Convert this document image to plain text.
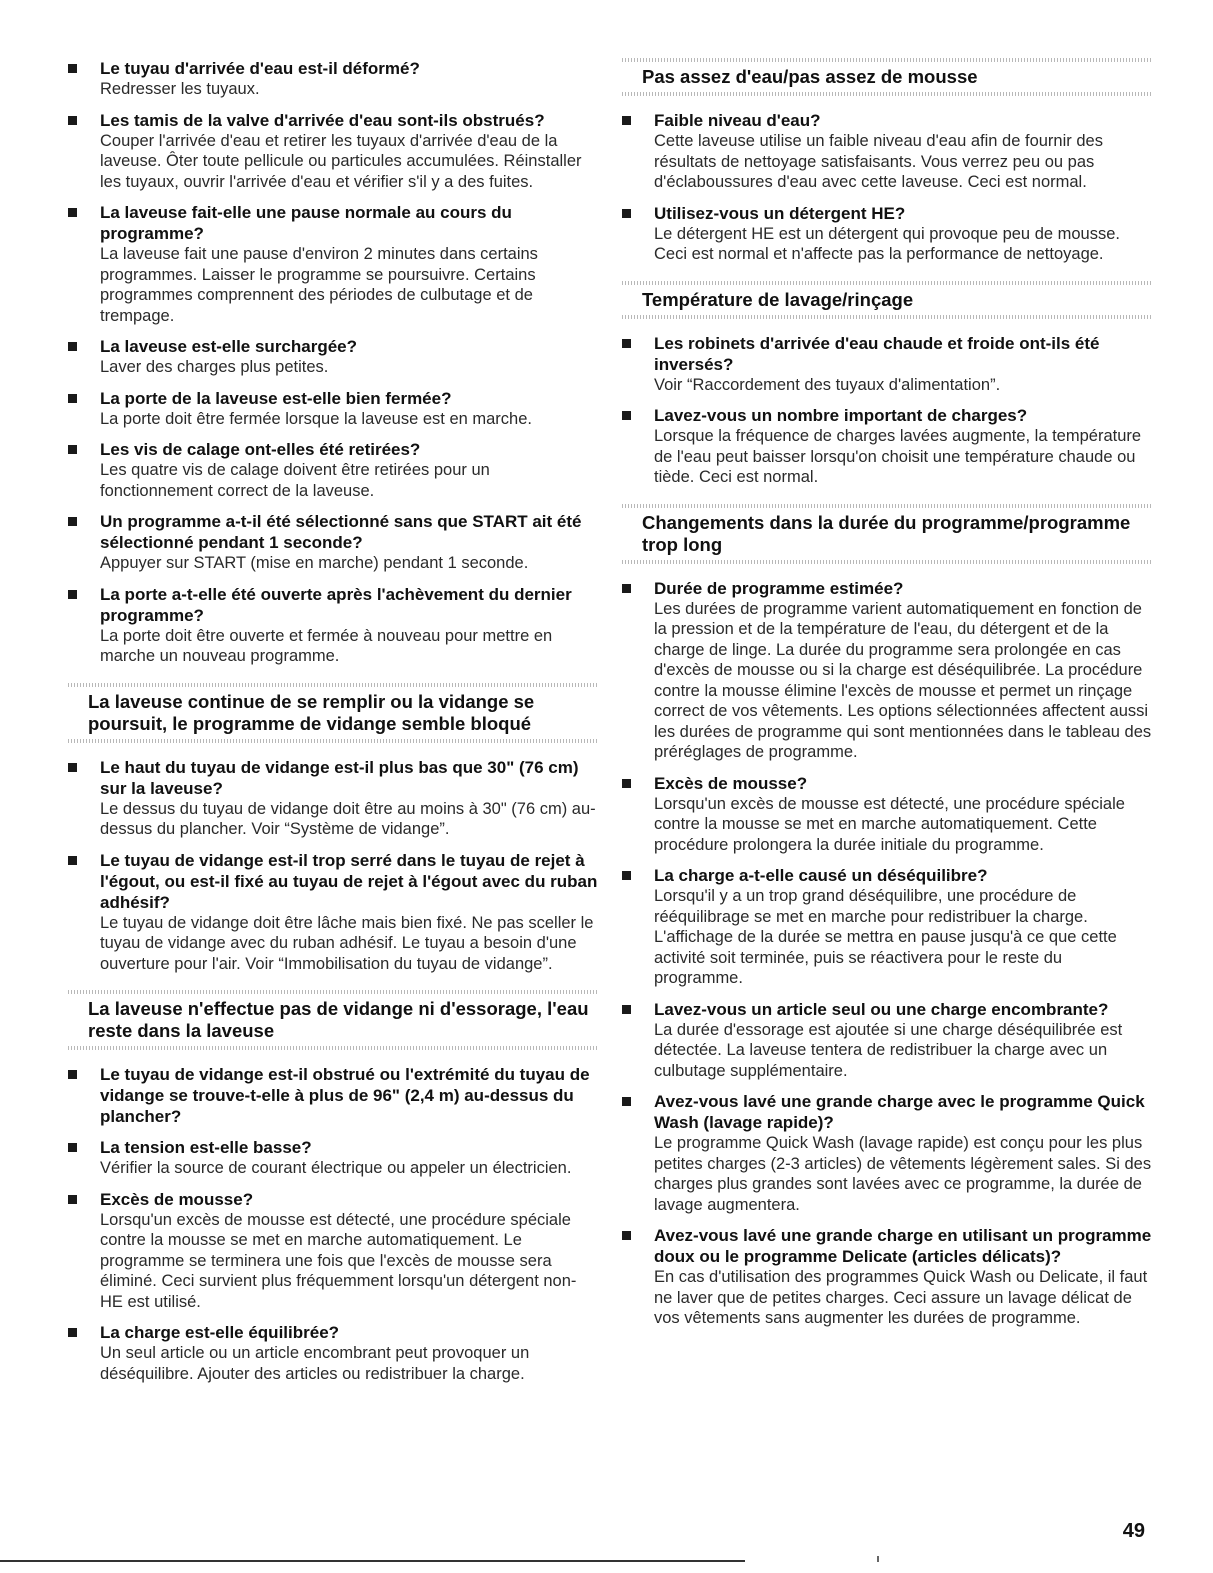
Le tuyau d'arrivée d'eau est-il déformé?
Redresser les tuyaux.
Les tamis de la valve d'arrivée d'eau sont-ils obstrués?
Couper l'arrivée d'eau et retirer les tuyaux d'arrivée d'eau de la laveuse. Ôter toute pellicule ou particules accumulées. Réinstaller les tuyaux, ouvrir l'arrivée d'eau et vérifier s'il y a des fuites.
La laveuse fait-elle une pause normale au cours du programme?
La laveuse fait une pause d'environ 2 minutes dans certains programmes. Laisser le programme se poursuivre. Certains programmes comprennent des périodes de culbutage et de trempage.
La laveuse est-elle surchargée?
Laver des charges plus petites.
La porte de la laveuse est-elle bien fermée?
La porte doit être fermée lorsque la laveuse est en marche.
Les vis de calage ont-elles été retirées?
Les quatre vis de calage doivent être retirées pour un fonctionnement correct de la laveuse.
Un programme a-t-il été sélectionné sans que START ait été sélectionné pendant 1 seconde?
Appuyer sur START (mise en marche) pendant 1 seconde.
La porte a-t-elle été ouverte après l'achèvement du dernier programme?
La porte doit être ouverte et fermée à nouveau pour mettre en marche un nouveau programme.
La laveuse continue de se remplir ou la vidange se poursuit, le programme de vidange semble bloqué
Le haut du tuyau de vidange est-il plus bas que 30" (76 cm) sur la laveuse?
Le dessus du tuyau de vidange doit être au moins à 30" (76 cm) au-dessus du plancher. Voir “Système de vidange”.
Le tuyau de vidange est-il trop serré dans le tuyau de rejet à l'égout, ou est-il fixé au tuyau de rejet à l'égout avec du ruban adhésif?
Le tuyau de vidange doit être lâche mais bien fixé. Ne pas sceller le tuyau de vidange avec du ruban adhésif. Le tuyau a besoin d'une ouverture pour l'air. Voir “Immobilisation du tuyau de vidange”.
La laveuse n'effectue pas de vidange ni d'essorage, l'eau reste dans la laveuse
Le tuyau de vidange est-il obstrué ou l'extrémité du tuyau de vidange se trouve-t-elle à plus de 96" (2,4 m) au-dessus du plancher?
La tension est-elle basse?
Vérifier la source de courant électrique ou appeler un électricien.
Excès de mousse?
Lorsqu'un excès de mousse est détecté, une procédure spéciale contre la mousse se met en marche automatiquement. Le programme se terminera une fois que l'excès de mousse sera éliminé. Ceci survient plus fréquemment lorsqu'un détergent non-HE est utilisé.
La charge est-elle équilibrée?
Un seul article ou un article encombrant peut provoquer un déséquilibre. Ajouter des articles ou redistribuer la charge.
Pas assez d'eau/pas assez de mousse
Faible niveau d'eau?
Cette laveuse utilise un faible niveau d'eau afin de fournir des résultats de nettoyage satisfaisants. Vous verrez peu ou pas d'éclaboussures d'eau avec cette laveuse. Ceci est normal.
Utilisez-vous un détergent HE?
Le détergent HE est un détergent qui provoque peu de mousse. Ceci est normal et n'affecte pas la performance de nettoyage.
Température de lavage/rinçage
Les robinets d'arrivée d'eau chaude et froide ont-ils été inversés?
Voir “Raccordement des tuyaux d'alimentation”.
Lavez-vous un nombre important de charges?
Lorsque la fréquence de charges lavées augmente, la température de l'eau peut baisser lorsqu'on choisit une température chaude ou tiède. Ceci est normal.
Changements dans la durée du programme/programme trop long
Durée de programme estimée?
Les durées de programme varient automatiquement en fonction de la pression et de la température de l'eau, du détergent et de la charge de linge. La durée du programme sera prolongée en cas d'excès de mousse ou si la charge est déséquilibrée. La procédure contre la mousse élimine l'excès de mousse et permet un rinçage correct de vos vêtements. Les options sélectionnées affectent aussi les durées de programme qui sont mentionnées dans le tableau des préréglages de programme.
Excès de mousse?
Lorsqu'un excès de mousse est détecté, une procédure spéciale contre la mousse se met en marche automatiquement. Cette procédure prolongera la durée initiale du programme.
La charge a-t-elle causé un déséquilibre?
Lorsqu'il y a un trop grand déséquilibre, une procédure de rééquilibrage se met en marche pour redistribuer la charge. L'affichage de la durée se mettra en pause jusqu'à ce que cette activité soit terminée, puis se réactivera pour le reste du programme.
Lavez-vous un article seul ou une charge encombrante?
La durée d'essorage est ajoutée si une charge déséquilibrée est détectée. La laveuse tentera de redistribuer la charge avec un culbutage supplémentaire.
Avez-vous lavé une grande charge avec le programme Quick Wash (lavage rapide)?
Le programme Quick Wash (lavage rapide) est conçu pour les plus petites charges (2-3 articles) de vêtements légèrement sales. Si des charges plus grandes sont lavées avec ce programme, la durée de lavage augmentera.
Avez-vous lavé une grande charge en utilisant un programme doux ou le programme Delicate (articles délicats)?
En cas d'utilisation des programmes Quick Wash ou Delicate, il faut ne laver que de petites charges. Ceci assure un lavage délicat de vos vêtements sans augmenter les durées de programme.
49
